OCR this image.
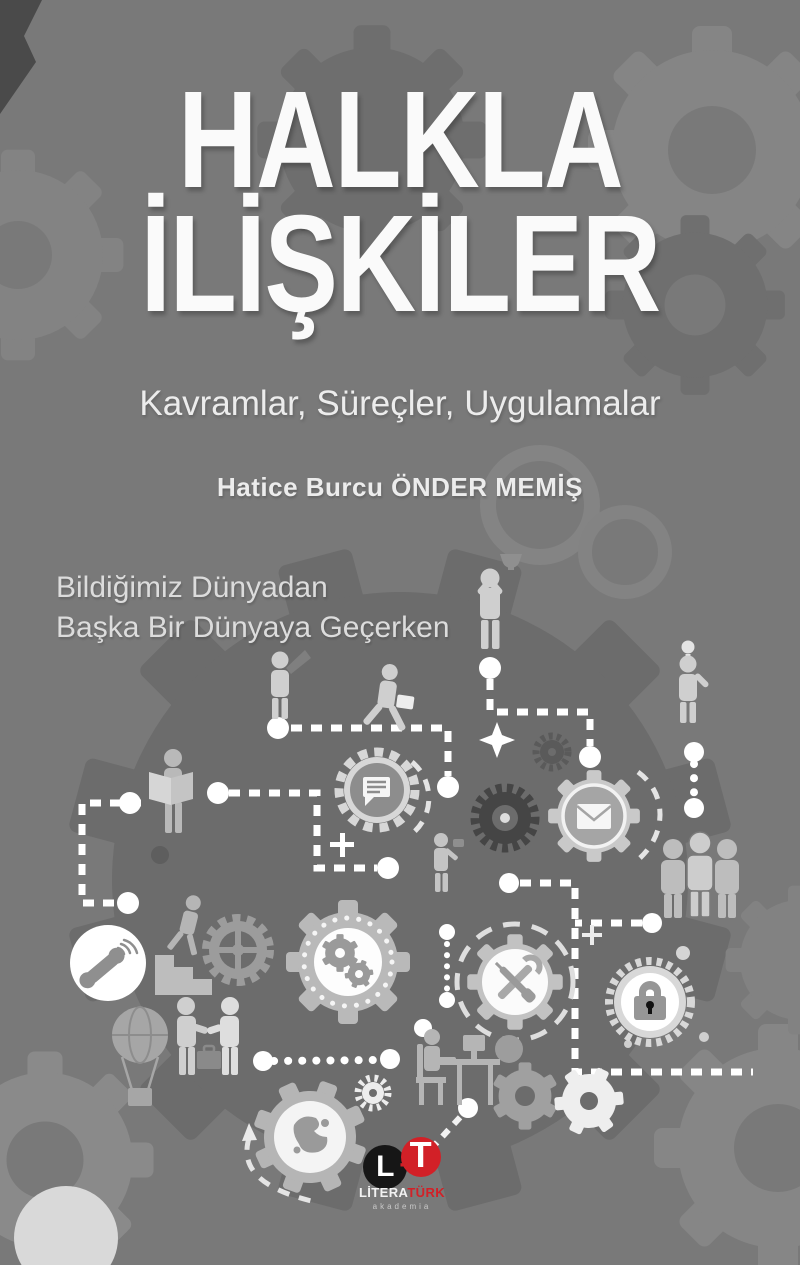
HALKLA
İLİŞKİLER
Kavramlar, Süreçler, Uygulamalar
Hatice Burcu ÖNDER MEMİŞ
Bildiğimiz Dünyadan
Başka Bir Dünyaya Geçerken
L - T
LİTERATÜRK
akademia
